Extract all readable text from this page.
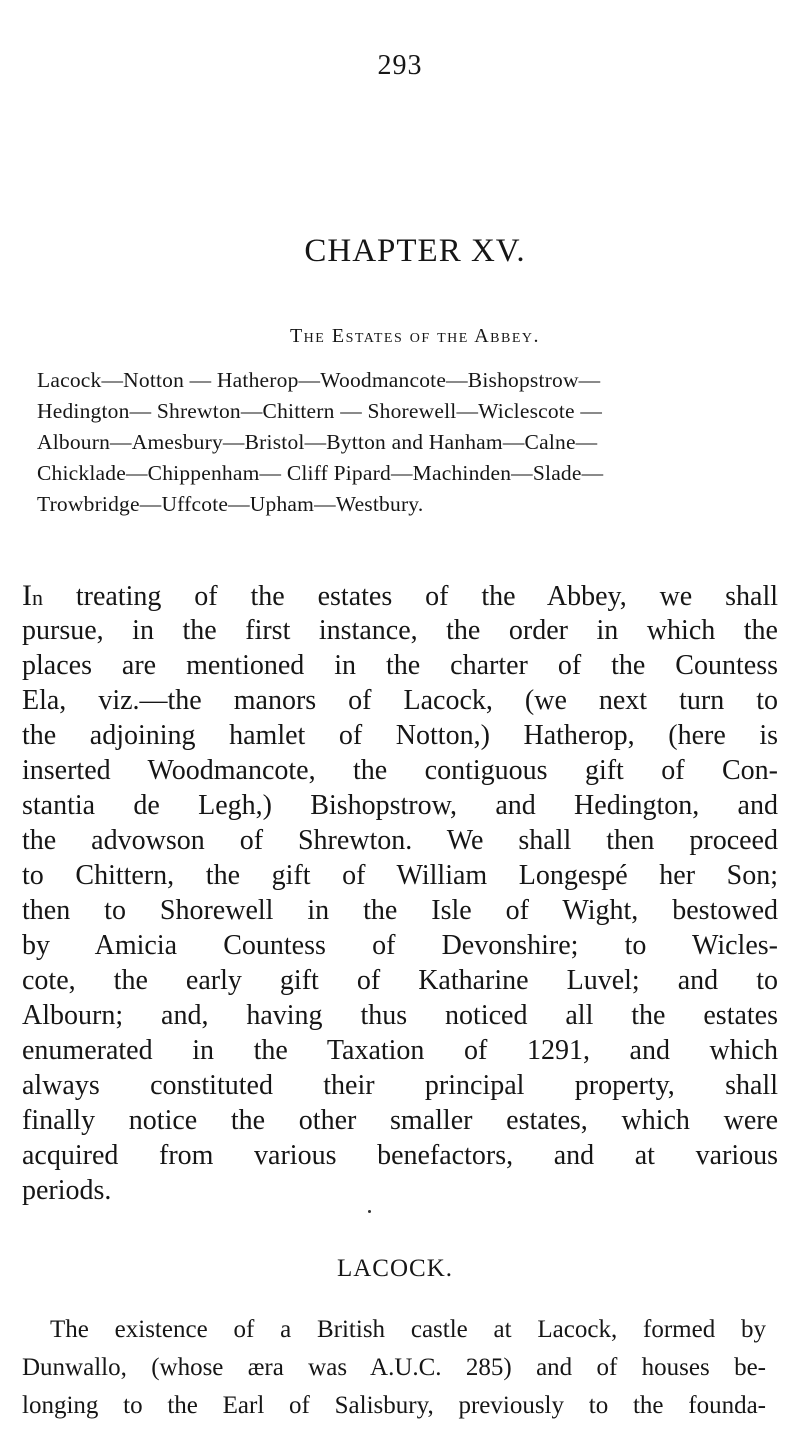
293
CHAPTER XV.
The Estates of the Abbey.
Lacock—Notton — Hatherop—Woodmancote—Bishopstrow—
Hedington— Shrewton—Chittern — Shorewell—Wiclescote —
Albourn—Amesbury—Bristol—Bytton and Hanham—Calne—
Chicklade—Chippenham— Cliff Pipard—Machinden—Slade—
Trowbridge—Uffcote—Upham—Westbury.
In treating of the estates of the Abbey, we shall
pursue, in the first instance, the order in which the
places are mentioned in the charter of the Countess
Ela, viz.—the manors of Lacock, (we next turn to
the adjoining hamlet of Notton,) Hatherop, (here is
inserted Woodmancote, the contiguous gift of Con-
stantia de Legh,) Bishopstrow, and Hedington, and
the advowson of Shrewton. We shall then proceed
to Chittern, the gift of William Longespé her Son;
then to Shorewell in the Isle of Wight, bestowed
by Amicia Countess of Devonshire; to Wicles-
cote, the early gift of Katharine Luvel; and to
Albourn; and, having thus noticed all the estates
enumerated in the Taxation of 1291, and which
always constituted their principal property, shall
finally notice the other smaller estates, which were
acquired from various benefactors, and at various
periods.
LACOCK.
The existence of a British castle at Lacock, formed by
Dunwallo, (whose æra was A.U.C. 285) and of houses be-
longing to the Earl of Salisbury, previously to the founda-
